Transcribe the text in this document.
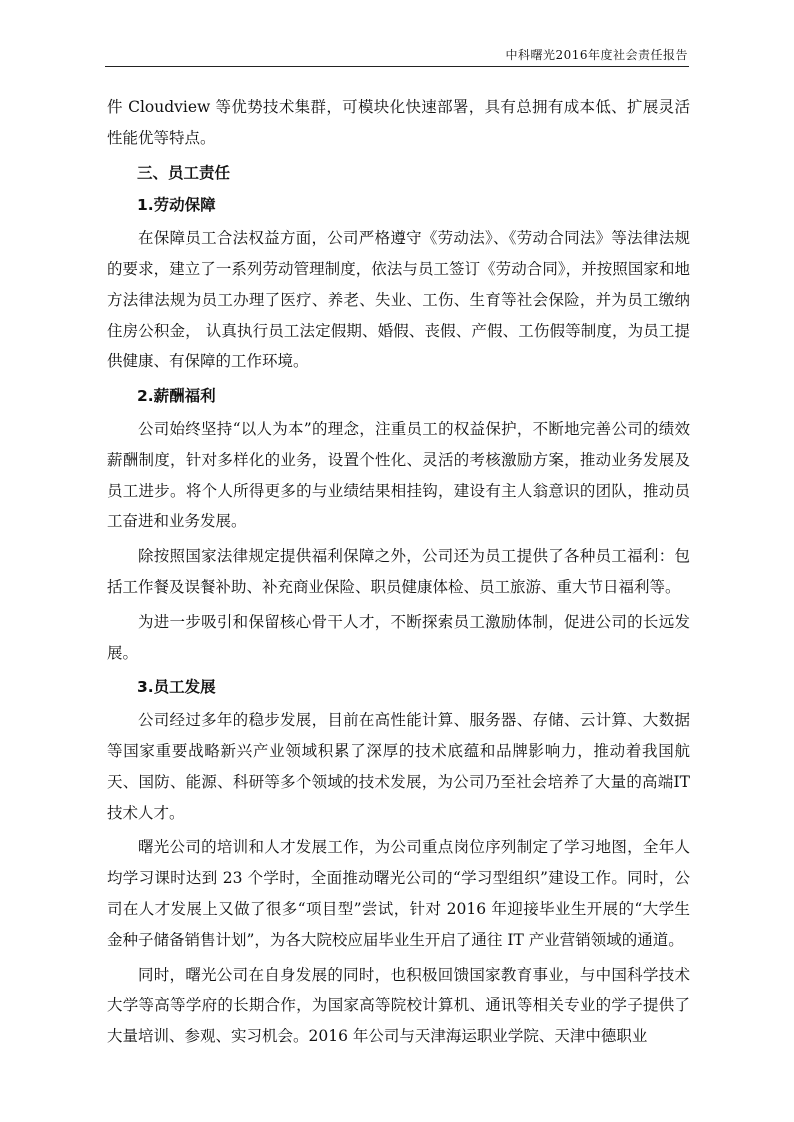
中科曙光2016年度社会责任报告

件 Cloudview 等优势技术集群，可模块化快速部署，具有总拥有成本低、扩展灵活性能优等特点。

三、员工责任
1.劳动保障

在保障员工合法权益方面，公司严格遵守《劳动法》、《劳动合同法》等法律法规的要求，建立了一系列劳动管理制度，依法与员工签订《劳动合同》，并按照国家和地方法律法规为员工办理了医疗、养老、失业、工伤、生育等社会保险，并为员工缴纳住房公积金， 认真执行员工法定假期、婚假、丧假、产假、工伤假等制度，为员工提供健康、有保障的工作环境。

2.薪酬福利

公司始终坚持“以人为本”的理念，注重员工的权益保护，不断地完善公司的绩效薪酬制度，针对多样化的业务，设置个性化、灵活的考核激励方案，推动业务发展及员工进步。将个人所得更多的与业绩结果相挂钩，建设有主人翁意识的团队，推动员工奋进和业务发展。

除按照国家法律规定提供福利保障之外，公司还为员工提供了各种员工福利：包括工作餐及误餐补助、补充商业保险、职员健康体检、员工旅游、重大节日福利等。

为进一步吸引和保留核心骨干人才，不断探索员工激励体制，促进公司的长远发展。

3.员工发展

公司经过多年的稳步发展，目前在高性能计算、服务器、存储、云计算、大数据等国家重要战略新兴产业领域积累了深厚的技术底蕴和品牌影响力，推动着我国航天、国防、能源、科研等多个领域的技术发展，为公司乃至社会培养了大量的高端IT技术人才。

曙光公司的培训和人才发展工作，为公司重点岗位序列制定了学习地图，全年人均学习课时达到 23 个学时，全面推动曙光公司的“学习型组织”建设工作。同时，公司在人才发展上又做了很多“项目型”尝试，针对 2016 年迎接毕业生开展的“大学生金种子储备销售计划”，为各大院校应届毕业生开启了通往 IT 产业营销领域的通道。

同时，曙光公司在自身发展的同时，也积极回馈国家教育事业，与中国科学技术大学等高等学府的长期合作，为国家高等院校计算机、通讯等相关专业的学子提供了大量培训、参观、实习机会。2016 年公司与天津海运职业学院、天津中德职业
